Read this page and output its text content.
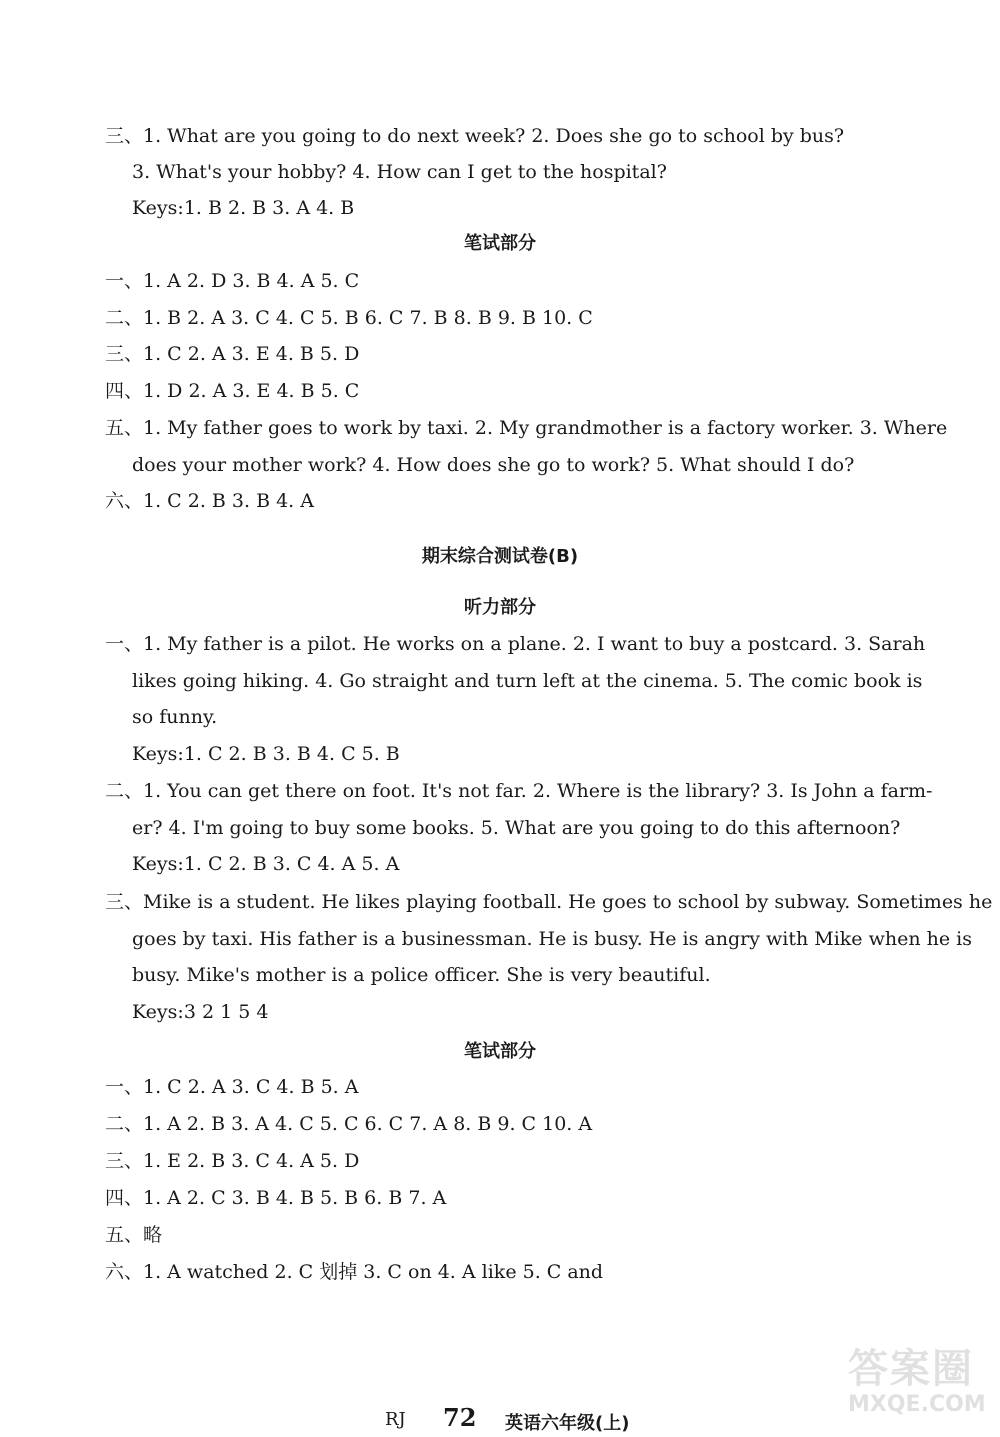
三、1. What are you going to do next week? 2. Does she go to school by bus?
3. What's your hobby? 4. How can I get to the hospital?
Keys:1. B 2. B 3. A 4. B
笔试部分
一、1. A 2. D 3. B 4. A 5. C
二、1. B 2. A 3. C 4. C 5. B 6. C 7. B 8. B 9. B 10. C
三、1. C 2. A 3. E 4. B 5. D
四、1. D 2. A 3. E 4. B 5. C
五、1. My father goes to work by taxi. 2. My grandmother is a factory worker. 3. Where
does your mother work? 4. How does she go to work? 5. What should I do?
六、1. C 2. B 3. B 4. A
期末综合测试卷(B)
听力部分
一、1. My father is a pilot. He works on a plane. 2. I want to buy a postcard. 3. Sarah
likes going hiking. 4. Go straight and turn left at the cinema. 5. The comic book is
so funny.
Keys:1. C 2. B 3. B 4. C 5. B
二、1. You can get there on foot. It's not far. 2. Where is the library? 3. Is John a farm-
er? 4. I'm going to buy some books. 5. What are you going to do this afternoon?
Keys:1. C 2. B 3. C 4. A 5. A
三、Mike is a student. He likes playing football. He goes to school by subway. Sometimes he
goes by taxi. His father is a businessman. He is busy. He is angry with Mike when he is
busy. Mike's mother is a police officer. She is very beautiful.
Keys:3 2 1 5 4
笔试部分
一、1. C 2. A 3. C 4. B 5. A
二、1. A 2. B 3. A 4. C 5. C 6. C 7. A 8. B 9. C 10. A
三、1. E 2. B 3. C 4. A 5. D
四、1. A 2. C 3. B 4. B 5. B 6. B 7. A
五、略
六、1. A watched 2. C 划掉 3. C on 4. A like 5. C and
RJ 72 英语六年级(上)
答案圈
MXQE.COM
